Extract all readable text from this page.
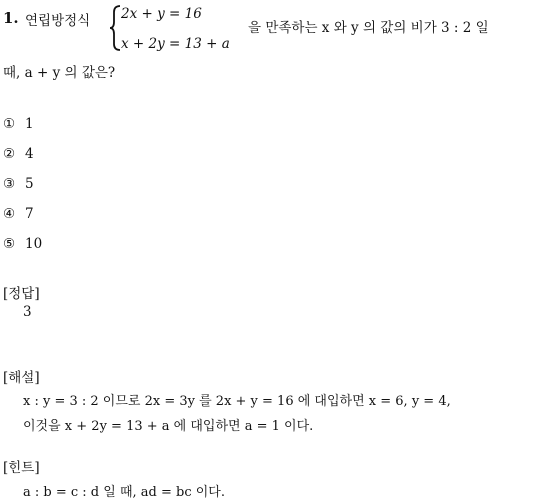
1. 연립방정식 2x + y = 16
x + 2y = 13 + a
을 만족하는 x 와 y 의 값의 비가 3 : 2 일
때, a + y 의 값은?
① 1
② 4
③ 5
④ 7
⑤ 10
[정답]
3
[해설]
x : y = 3 : 2 이므로 2x = 3y 를 2x + y = 16 에 대입하면 x = 6, y = 4,
이것을 x + 2y = 13 + a 에 대입하면 a = 1 이다.
[힌트]
a : b = c : d 일 때, ad = bc 이다.
